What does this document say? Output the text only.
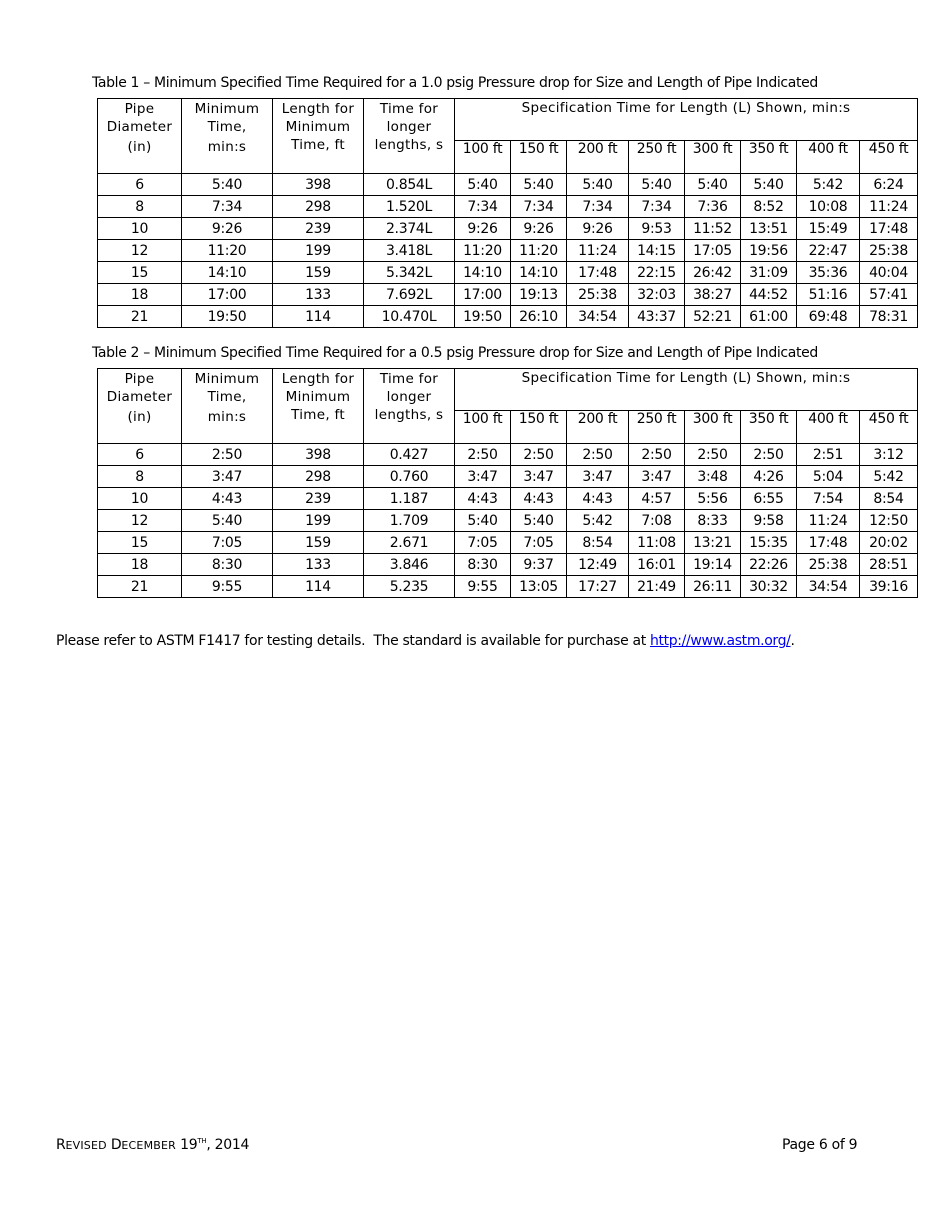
Table 1 – Minimum Specified Time Required for a 1.0 psig Pressure drop for Size and Length of Pipe Indicated
Pipe
Diameter
(in)	Minimum
Time,
min:s	Length for
Minimum
Time, ft	Time for
longer
lengths, s	Specification Time for Length (L) Shown, min:s							
				100 ft	150 ft	200 ft	250 ft	300 ft	350 ft	400 ft	450 ft
6	5:40	398	0.854L	5:40	5:40	5:40	5:40	5:40	5:40	5:42	6:24
8	7:34	298	1.520L	7:34	7:34	7:34	7:34	7:36	8:52	10:08	11:24
10	9:26	239	2.374L	9:26	9:26	9:26	9:53	11:52	13:51	15:49	17:48
12	11:20	199	3.418L	11:20	11:20	11:24	14:15	17:05	19:56	22:47	25:38
15	14:10	159	5.342L	14:10	14:10	17:48	22:15	26:42	31:09	35:36	40:04
18	17:00	133	7.692L	17:00	19:13	25:38	32:03	38:27	44:52	51:16	57:41
21	19:50	114	10.470L	19:50	26:10	34:54	43:37	52:21	61:00	69:48	78:31
Table 2 – Minimum Specified Time Required for a 0.5 psig Pressure drop for Size and Length of Pipe Indicated
Pipe
Diameter
(in)	Minimum
Time,
min:s	Length for
Minimum
Time, ft	Time for
longer
lengths, s	Specification Time for Length (L) Shown, min:s							
				100 ft	150 ft	200 ft	250 ft	300 ft	350 ft	400 ft	450 ft
6	2:50	398	0.427	2:50	2:50	2:50	2:50	2:50	2:50	2:51	3:12
8	3:47	298	0.760	3:47	3:47	3:47	3:47	3:48	4:26	5:04	5:42
10	4:43	239	1.187	4:43	4:43	4:43	4:57	5:56	6:55	7:54	8:54
12	5:40	199	1.709	5:40	5:40	5:42	7:08	8:33	9:58	11:24	12:50
15	7:05	159	2.671	7:05	7:05	8:54	11:08	13:21	15:35	17:48	20:02
18	8:30	133	3.846	8:30	9:37	12:49	16:01	19:14	22:26	25:38	28:51
21	9:55	114	5.235	9:55	13:05	17:27	21:49	26:11	30:32	34:54	39:16
Please refer to ASTM F1417 for testing details.  The standard is available for purchase at http://www.astm.org/.
REVISED DECEMBER 19TH, 2014	Page 6 of 9
